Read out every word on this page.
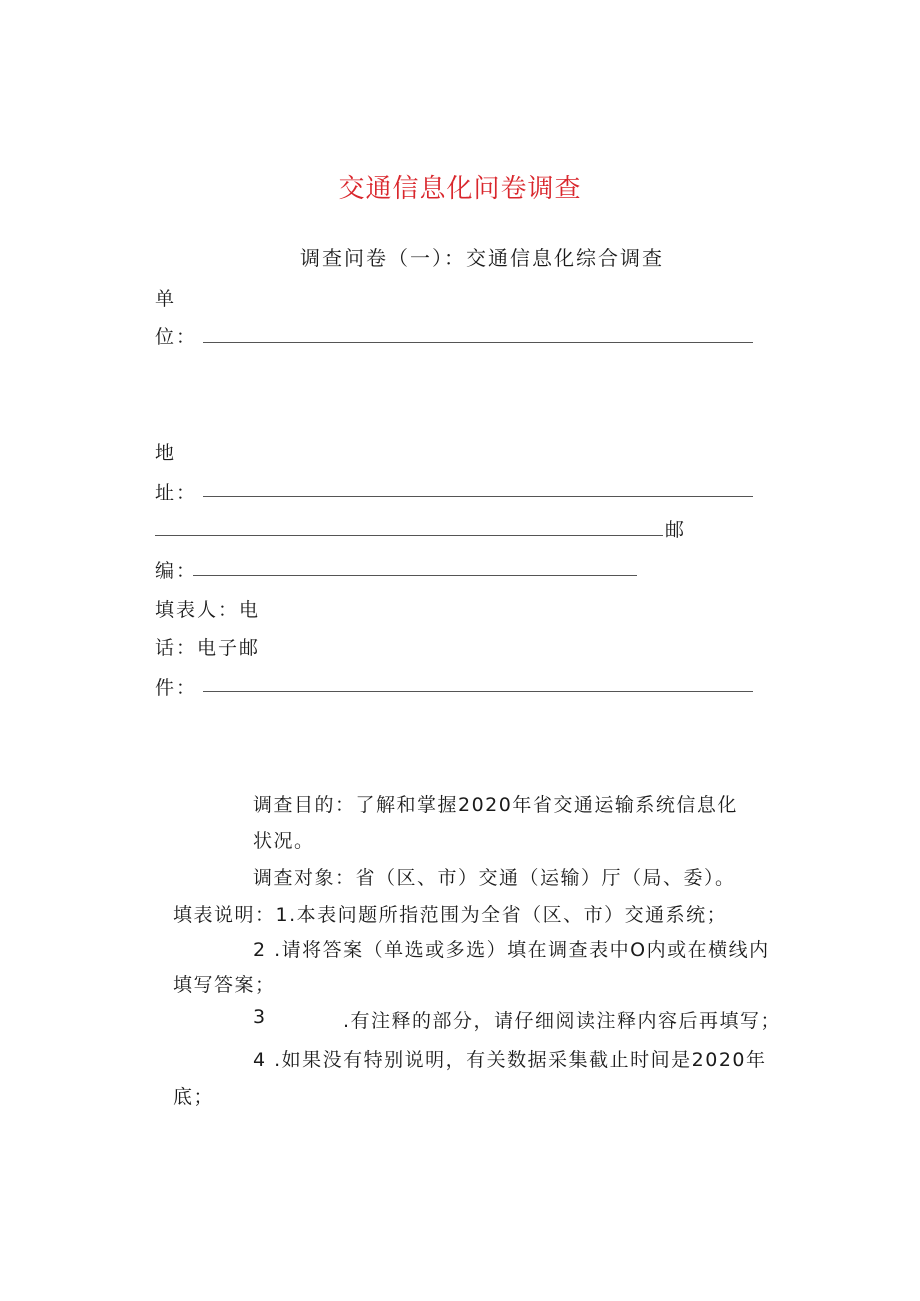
交通信息化问卷调查
调查问卷（一）：交通信息化综合调查
单
位：
地
址：
邮
编：
填表人：电
话：电子邮
件：
调查目的：了解和掌握2020年省交通运输系统信息化
状况。
调查对象：省（区、市）交通（运输）厅（局、委）。
填表说明：1.本表问题所指范围为全省（区、市）交通系统；
2 .请将答案（单选或多选）填在调查表中O内或在横线内
填写答案；
3	.有注释的部分，请仔细阅读注释内容后再填写；
4 .如果没有特别说明，有关数据采集截止时间是2020年
底；
